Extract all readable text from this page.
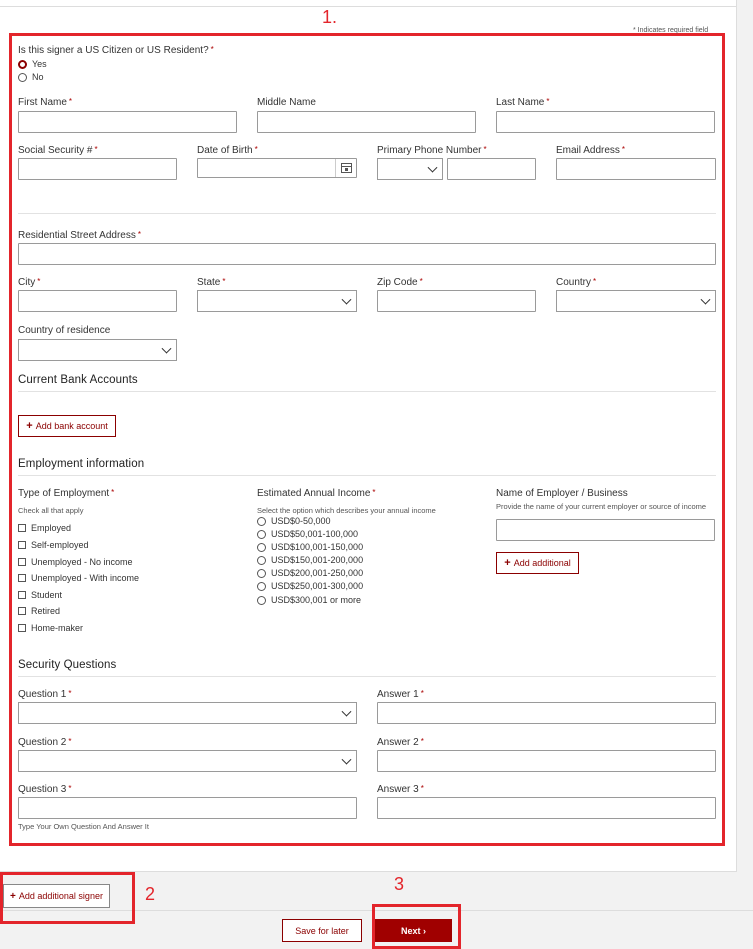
1.
* Indicates required field
Is this signer a US Citizen or US Resident? *
Yes
No
First Name *	Middle Name	Last Name *
Social Security # *	Date of Birth *	Primary Phone Number *	Email Address *
Residential Street Address *
City *	State *	Zip Code *	Country *
Country of residence
Current Bank Accounts
+ Add bank account
Employment information
Type of Employment *
Check all that apply
Employed
Self-employed
Unemployed - No income
Unemployed - With income
Student
Retired
Home-maker
Estimated Annual Income *
Select the option which describes your annual income
USD$0-50,000
USD$50,001-100,000
USD$100,001-150,000
USD$150,001-200,000
USD$200,001-250,000
USD$250,001-300,000
USD$300,001 or more
Name of Employer / Business
Provide the name of your current employer or source of income
+ Add additional
Security Questions
Question 1 *	Answer 1 *
Question 2 *	Answer 2 *
Question 3 *	Answer 3 *
Type Your Own Question And Answer It
2
+ Add additional signer
Save for later
3
Next ›
